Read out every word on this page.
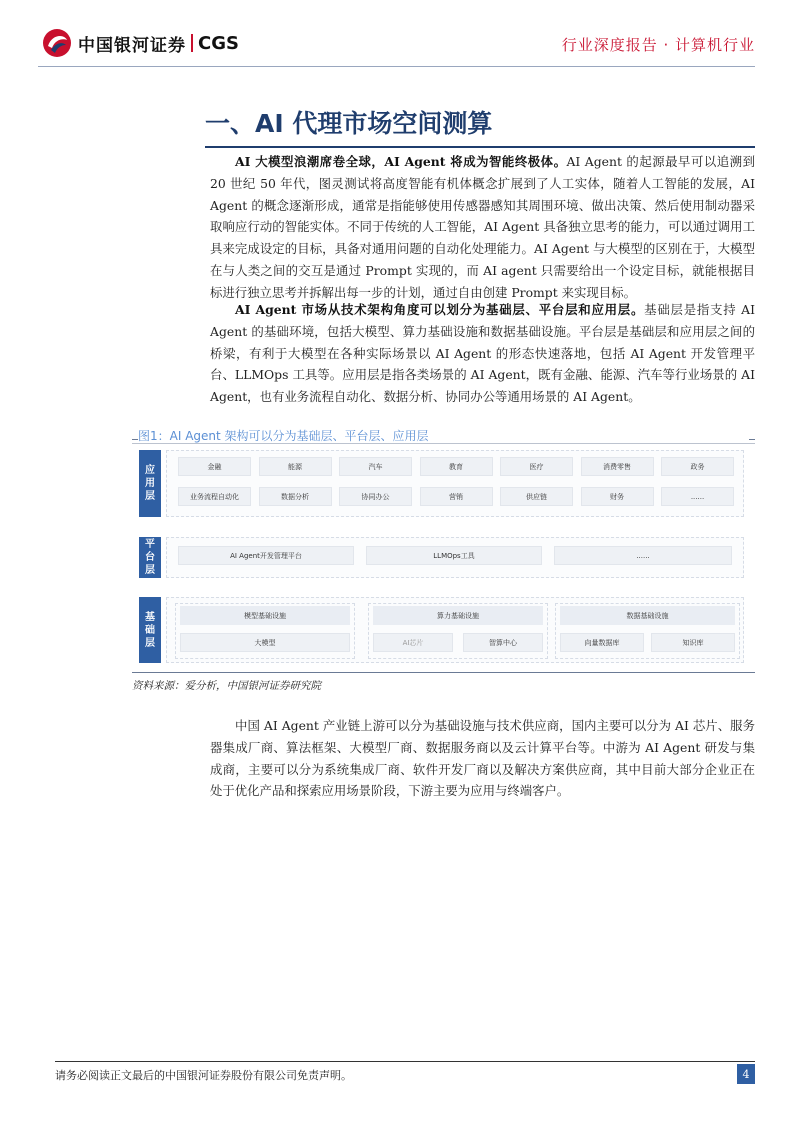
中国银河证券 CGS	行业深度报告 · 计算机行业
一、AI 代理市场空间测算

AI 大模型浪潮席卷全球，AI Agent 将成为智能终极体。AI Agent 的起源最早可以追溯到 20 世纪 50 年代，图灵测试将高度智能有机体概念扩展到了人工实体，随着人工智能的发展，AI Agent 的概念逐渐形成，通常是指能够使用传感器感知其周围环境、做出决策、然后使用制动器采取响应行动的智能实体。不同于传统的人工智能，AI Agent 具备独立思考的能力，可以通过调用工具来完成设定的目标，具备对通用问题的自动化处理能力。AI Agent 与大模型的区别在于，大模型在与人类之间的交互是通过 Prompt 实现的，而 AI agent 只需要给出一个设定目标，就能根据目标进行独立思考并拆解出每一步的计划，通过自由创建 Prompt 来实现目标。

AI Agent 市场从技术架构角度可以划分为基础层、平台层和应用层。基础层是指支持 AI Agent 的基础环境，包括大模型、算力基础设施和数据基础设施。平台层是基础层和应用层之间的桥梁，有利于大模型在各种实际场景以 AI Agent 的形态快速落地，包括 AI Agent 开发管理平台、LLMOps 工具等。应用层是指各类场景的 AI Agent，既有金融、能源、汽车等行业场景的 AI Agent，也有业务流程自动化、数据分析、协同办公等通用场景的 AI Agent。

图1：AI Agent 架构可以分为基础层、平台层、应用层
应
用
层
金融	能源	汽车	教育	医疗	消费零售	政务
业务流程自动化	数据分析	协同办公	营销	供应链	财务	......
平
台
层
AI Agent开发管理平台	LLMOps工具	......
基
础
层
模型基础设施
大模型
算力基础设施
AI芯片	智算中心
数据基础设施
向量数据库	知识库
资料来源：爱分析，中国银河证券研究院

中国 AI Agent 产业链上游可以分为基础设施与技术供应商，国内主要可以分为 AI 芯片、服务器集成厂商、算法框架、大模型厂商、数据服务商以及云计算平台等。中游为 AI Agent 研发与集成商，主要可以分为系统集成厂商、软件开发厂商以及解决方案供应商，其中目前大部分企业正在处于优化产品和探索应用场景阶段，下游主要为应用与终端客户。

请务必阅读正文最后的中国银河证券股份有限公司免责声明。	4
